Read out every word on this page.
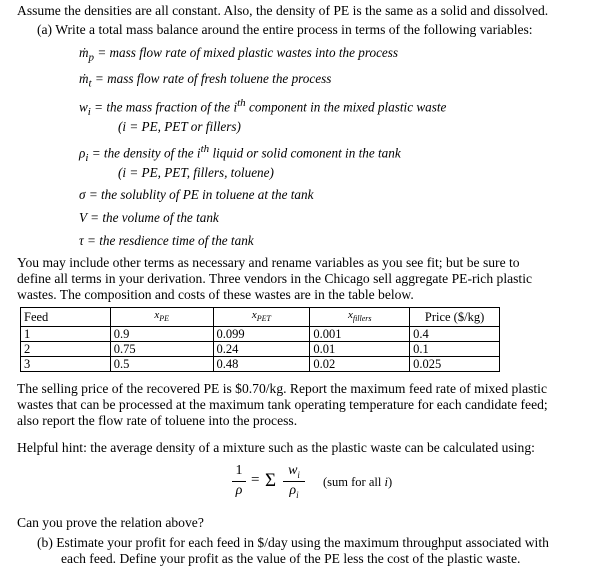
Assume the densities are all constant. Also, the density of PE is the same as a solid and dissolved.
(a) Write a total mass balance around the entire process in terms of the following variables:
ṁ$_p$ = mass flow rate of mixed plastic wastes into the process
ṁ$_t$ = mass flow rate of fresh toluene the process
$w_i$ = the mass fraction of the $i^{th}$ component in the mixed plastic waste
(i = PE, PET or fillers)
$\rho_i$ = the density of the $i^{th}$ liquid or solid comonent in the tank
(i = PE, PET, fillers, toluene)
σ = the solublity of PE in toluene at the tank
V = the volume of the tank
τ = the resdience time of the tank
You may include other terms as necessary and rename variables as you see fit; but be sure to
define all terms in your derivation. Three vendors in the Chicago sell aggregate PE-rich plastic
wastes. The composition and costs of these wastes are in the table below.
Feed	$x_{PE}$	$x_{PET}$	$x_{fillers}$	Price ($/kg)
1	0.9	0.099	0.001	0.4
2	0.75	0.24	0.01	0.1
3	0.5	0.48	0.02	0.025
The selling price of the recovered PE is $0.70/kg. Report the maximum feed rate of mixed plastic
wastes that can be processed at the maximum tank operating temperature for each candidate feed;
also report the flow rate of toluene into the process.
Helpful hint: the average density of a mixture such as the plastic waste can be calculated using:
1
ρ
= Σ $w_i$
$\rho_i$
(sum for all i)
Can you prove the relation above?
(b) Estimate your profit for each feed in $/day using the maximum throughput associated with
each feed. Define your profit as the value of the PE less the cost of the plastic waste.
